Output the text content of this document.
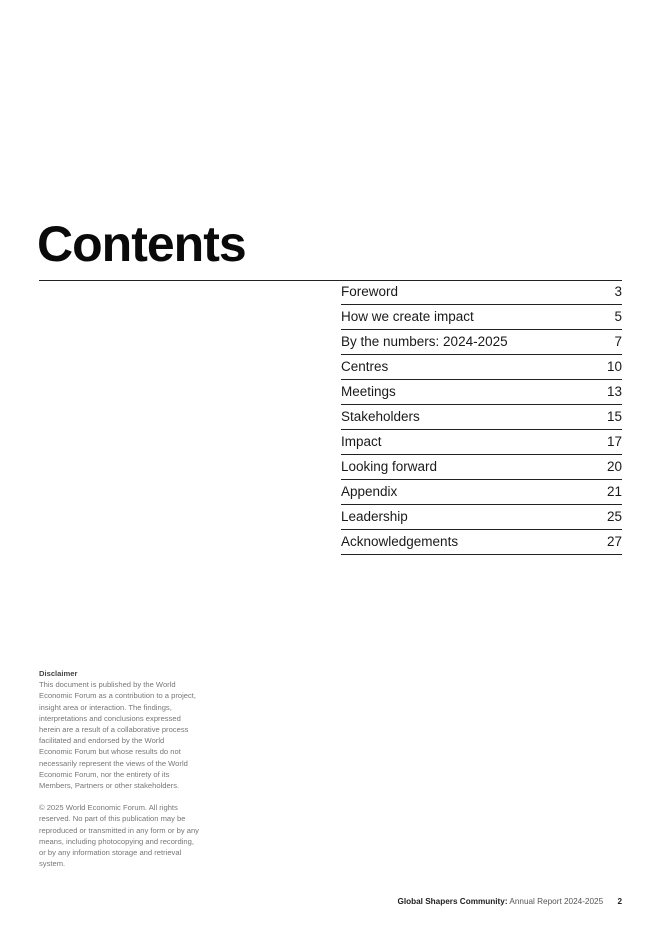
Contents
Foreword	3
How we create impact	5
By the numbers: 2024-2025	7
Centres	10
Meetings	13
Stakeholders	15
Impact	17
Looking forward	20
Appendix	21
Leadership	25
Acknowledgements	27

Disclaimer

This document is published by the World Economic Forum as a contribution to a project, insight area or interaction. The findings, interpretations and conclusions expressed herein are a result of a collaborative process facilitated and endorsed by the World Economic Forum but whose results do not necessarily represent the views of the World Economic Forum, nor the entirety of its Members, Partners or other stakeholders.

© 2025 World Economic Forum. All rights reserved. No part of this publication may be reproduced or transmitted in any form or by any means, including photocopying and recording, or by any information storage and retrieval system.

Global Shapers Community: Annual Report 2024-2025 2
